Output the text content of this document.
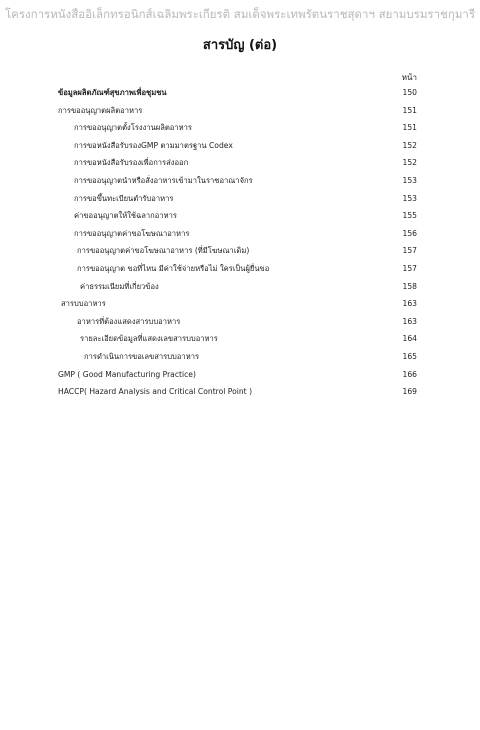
โครงการหนังสืออิเล็กทรอนิกส์เฉลิมพระเกียรติ สมเด็จพระเทพรัตนราชสุดาฯ สยามบรมราชกุมารี
สารบัญ (ต่อ)
หน้า
ข้อมูลผลิตภัณฑ์สุขภาพเพื่อชุมชน	150
การขออนุญาตผลิตอาหาร	151
การขออนุญาตตั้งโรงงานผลิตอาหาร	151
การขอหนังสือรับรองGMP ตามมาตรฐาน Codex	152
การขอหนังสือรับรองเพื่อการส่งออก	152
การขออนุญาตนำหรือสั่งอาหารเข้ามาในราชอาณาจักร	153
การขอขึ้นทะเบียนตำรับอาหาร	153
ค่าขออนุญาตให้ใช้ฉลากอาหาร	155
การขออนุญาตค่าขอโฆษณาอาหาร	156
การขออนุญาตค่าขอโฆษณาอาหาร (ที่มีโฆษณาเดิม)	157
การขออนุญาต ขอที่ไหน มีค่าใช้จ่ายหรือไม่ ใครเป็นผู้ยื่นขอ	157
ค่าธรรมเนียมที่เกี่ยวข้อง	158
สารบบอาหาร	163
อาหารที่ต้องแสดงสารบบอาหาร	163
รายละเอียดข้อมูลที่แสดงเลขสารบบอาหาร	164
การดำเนินการขอเลขสารบบอาหาร	165
GMP ( Good Manufacturing Practice)	166
HACCP( Hazard Analysis and Critical Control Point )	169
